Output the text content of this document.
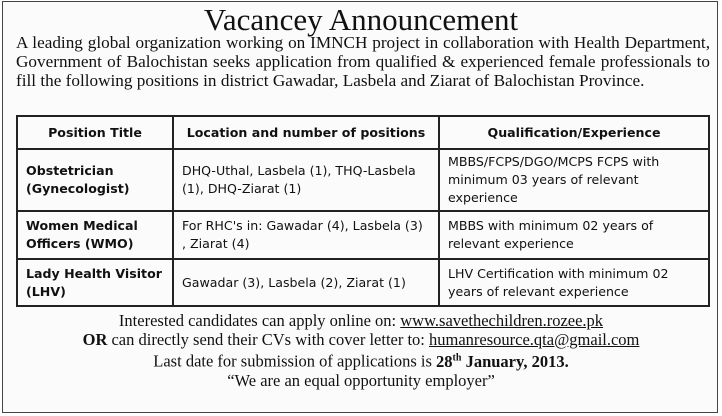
Vacancey Announcement
A leading global organization working on IMNCH project in collaboration with Health Department, Government of Balochistan seeks application from qualified & experienced female professionals to fill the following positions in district Gawadar, Lasbela and Ziarat of Balochistan Province.
Position Title	Location and number of positions	Qualification/Experience
Obstetrician (Gynecologist)	DHQ-Uthal, Lasbela (1), THQ-Lasbela (1), DHQ-Ziarat (1)	MBBS/FCPS/DGO/MCPS FCPS with minimum 03 years of relevant experience
Women Medical Officers (WMO)	For RHC's in: Gawadar (4), Lasbela (3) , Ziarat (4)	MBBS with minimum 02 years of relevant experience
Lady Health Visitor (LHV)	Gawadar (3), Lasbela (2), Ziarat (1)	LHV Certification with minimum 02 years of relevant experience
Interested candidates can apply online on: www.savethechildren.rozee.pk
OR can directly send their CVs with cover letter to: humanresource.qta@gmail.com
Last date for submission of applications is 28th January, 2013.
“We are an equal opportunity employer”
